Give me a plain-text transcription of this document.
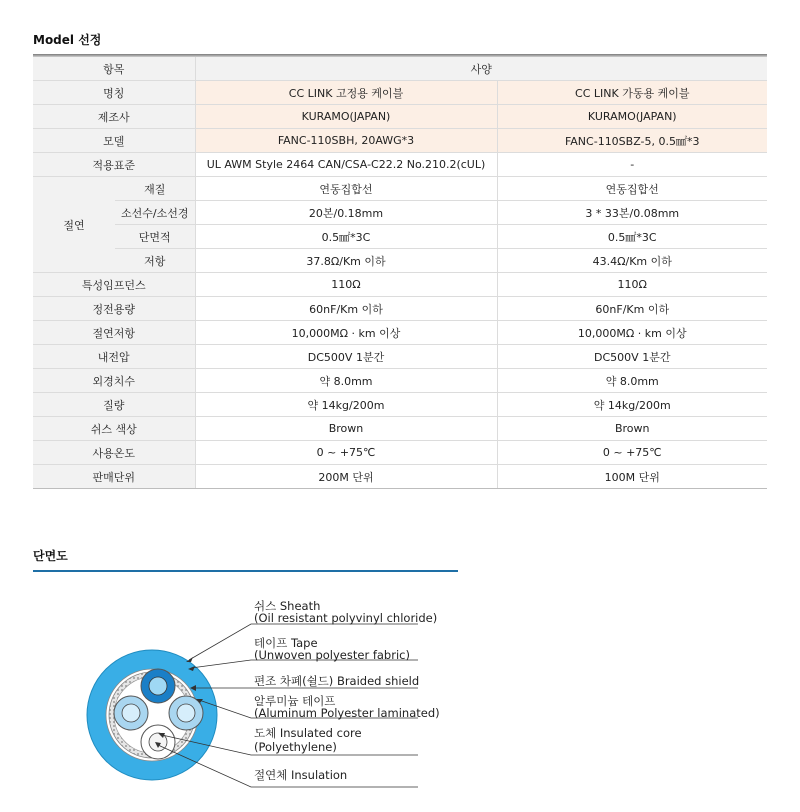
Model 선정
항목		사양	
명칭		CC LINK 고정용 케이블	CC LINK 가동용 케이블
제조사		KURAMO(JAPAN)	KURAMO(JAPAN)
모델		FANC-110SBH, 20AWG*3	FANC-110SBZ-5, 0.5㎟*3
적용표준		UL AWM Style 2464 CAN/CSA-C22.2 No.210.2(cUL)	-
절연	재질	연동집합선	연동집합선
	소선수/소선경	20본/0.18mm	3 * 33본/0.08mm
	단면적	0.5㎟*3C	0.5㎟*3C
	저항	37.8Ω/Km 이하	43.4Ω/Km 이하
특성임프던스		110Ω	110Ω
정전용량		60nF/Km 이하	60nF/Km 이하
절연저항		10,000MΩ · km 이상	10,000MΩ · km 이상
내전압		DC500V 1분간	DC500V 1분간
외경치수		약 8.0mm	약 8.0mm
질량		약 14kg/200m	약 14kg/200m
쉬스 색상		Brown	Brown
사용온도		0 ~ +75℃	0 ~ +75℃
판매단위		200M 단위	100M 단위
단면도
쉬스 Sheath
(Oil resistant polyvinyl chloride)
테이프 Tape
(Unwoven polyester fabric)
편조 차폐(쉴드) Braided shield
알루미늄 테이프
(Aluminum Polyester laminated)
도체 Insulated core
(Polyethylene)
절연체 Insulation
